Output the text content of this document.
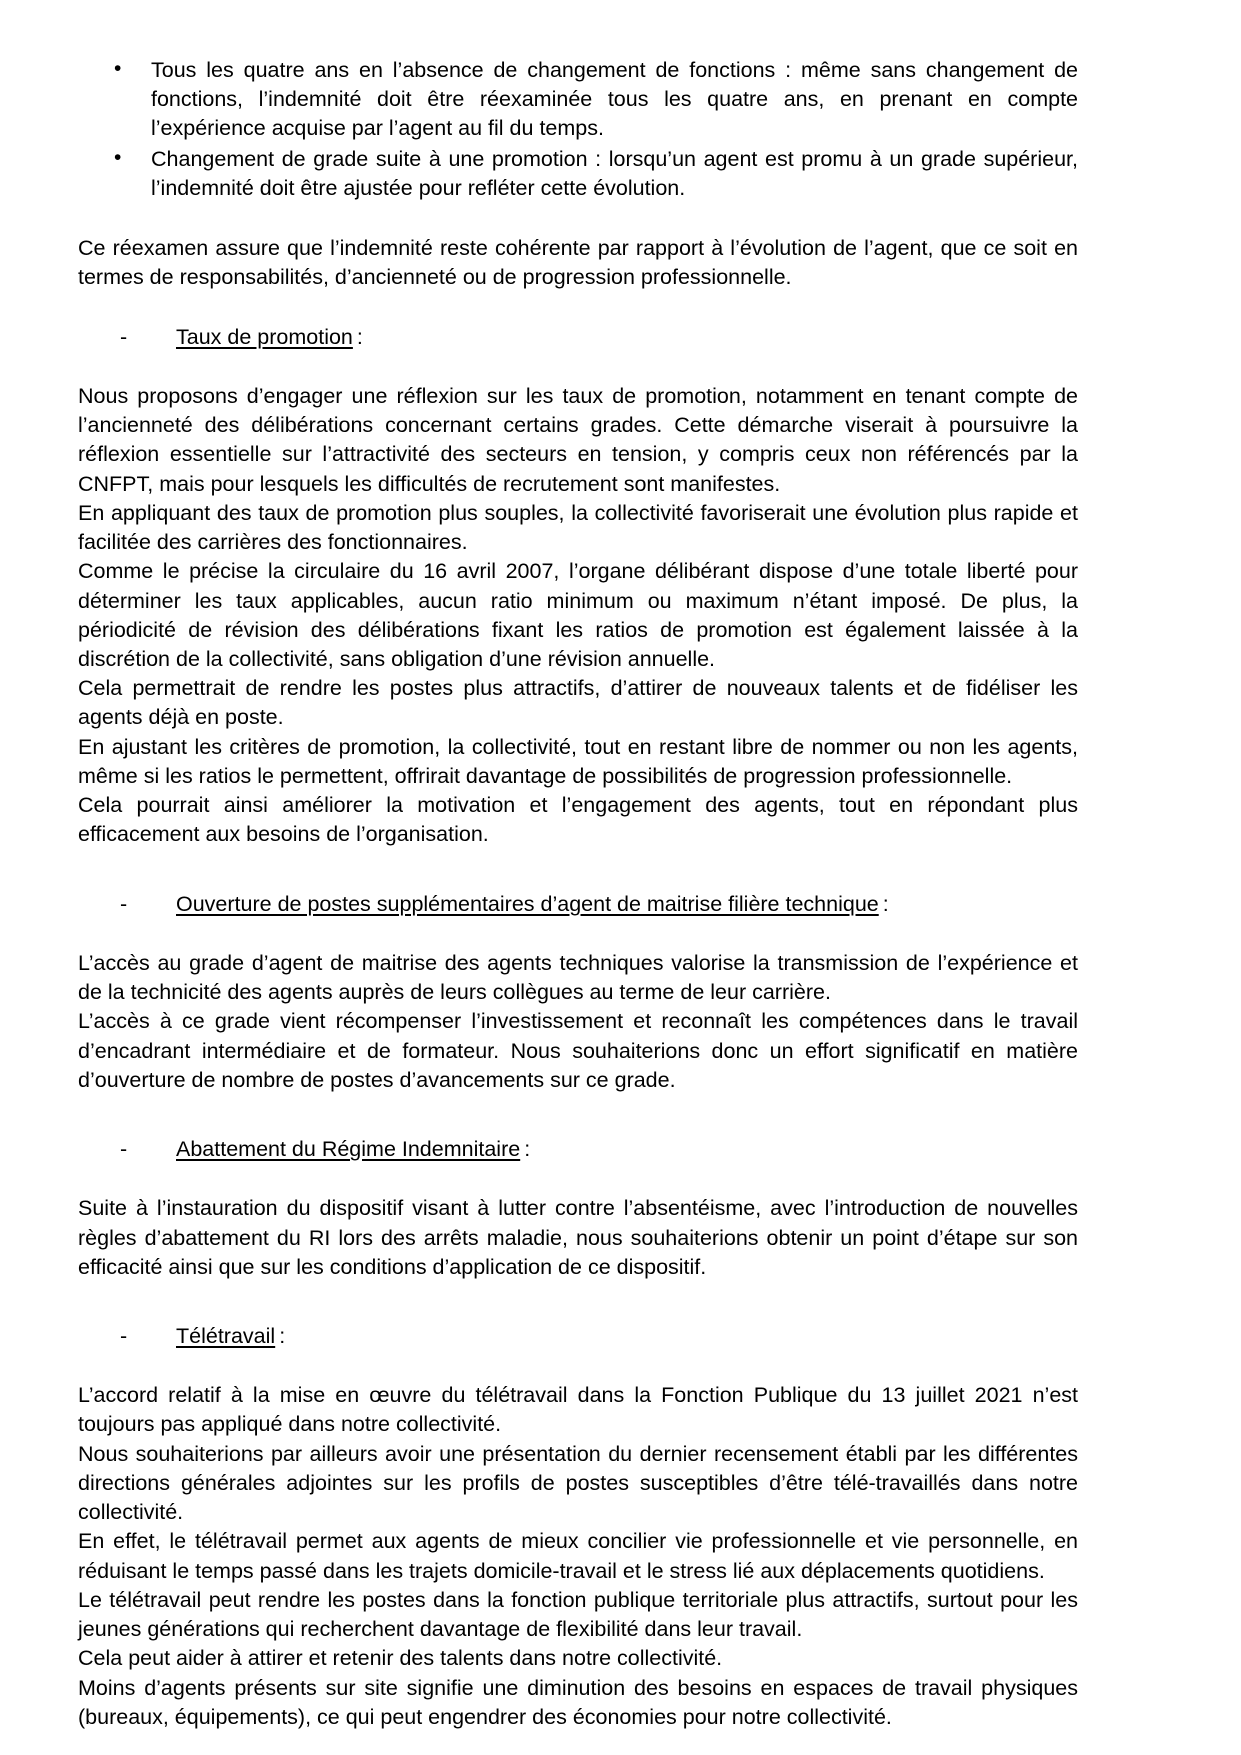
• Tous les quatre ans en l’absence de changement de fonctions : même sans changement de fonctions, l’indemnité doit être réexaminée tous les quatre ans, en prenant en compte l’expérience acquise par l’agent au fil du temps.
• Changement de grade suite à une promotion : lorsqu’un agent est promu à un grade supérieur, l’indemnité doit être ajustée pour refléter cette évolution.

Ce réexamen assure que l’indemnité reste cohérente par rapport à l’évolution de l’agent, que ce soit en termes de responsabilités, d’ancienneté ou de progression professionnelle.

- Taux de promotion :

Nous proposons d’engager une réflexion sur les taux de promotion, notamment en tenant compte de l’ancienneté des délibérations concernant certains grades. Cette démarche viserait à poursuivre la réflexion essentielle sur l’attractivité des secteurs en tension, y compris ceux non référencés par la CNFPT, mais pour lesquels les difficultés de recrutement sont manifestes.

En appliquant des taux de promotion plus souples, la collectivité favoriserait une évolution plus rapide et facilitée des carrières des fonctionnaires.

Comme le précise la circulaire du 16 avril 2007, l’organe délibérant dispose d’une totale liberté pour déterminer les taux applicables, aucun ratio minimum ou maximum n’étant imposé. De plus, la périodicité de révision des délibérations fixant les ratios de promotion est également laissée à la discrétion de la collectivité, sans obligation d’une révision annuelle.

Cela permettrait de rendre les postes plus attractifs, d’attirer de nouveaux talents et de fidéliser les agents déjà en poste.

En ajustant les critères de promotion, la collectivité, tout en restant libre de nommer ou non les agents, même si les ratios le permettent, offrirait davantage de possibilités de progression professionnelle.

Cela pourrait ainsi améliorer la motivation et l’engagement des agents, tout en répondant plus efficacement aux besoins de l’organisation.

- Ouverture de postes supplémentaires d’agent de maitrise filière technique :

L’accès au grade d’agent de maitrise des agents techniques valorise la transmission de l’expérience et de la technicité des agents auprès de leurs collègues au terme de leur carrière.

L’accès à ce grade vient récompenser l’investissement et reconnaît les compétences dans le travail d’encadrant intermédiaire et de formateur. Nous souhaiterions donc un effort significatif en matière d’ouverture de nombre de postes d’avancements sur ce grade.

- Abattement du Régime Indemnitaire :

Suite à l’instauration du dispositif visant à lutter contre l’absentéisme, avec l’introduction de nouvelles règles d’abattement du RI lors des arrêts maladie, nous souhaiterions obtenir un point d’étape sur son efficacité ainsi que sur les conditions d’application de ce dispositif.

- Télétravail :

L’accord relatif à la mise en œuvre du télétravail dans la Fonction Publique du 13 juillet 2021 n’est toujours pas appliqué dans notre collectivité.

Nous souhaiterions par ailleurs avoir une présentation du dernier recensement établi par les différentes directions générales adjointes sur les profils de postes susceptibles d’être télé-travaillés dans notre collectivité.

En effet, le télétravail permet aux agents de mieux concilier vie professionnelle et vie personnelle, en réduisant le temps passé dans les trajets domicile-travail et le stress lié aux déplacements quotidiens.

Le télétravail peut rendre les postes dans la fonction publique territoriale plus attractifs, surtout pour les jeunes générations qui recherchent davantage de flexibilité dans leur travail.

Cela peut aider à attirer et retenir des talents dans notre collectivité.

Moins d’agents présents sur site signifie une diminution des besoins en espaces de travail physiques (bureaux, équipements), ce qui peut engendrer des économies pour notre collectivité.
